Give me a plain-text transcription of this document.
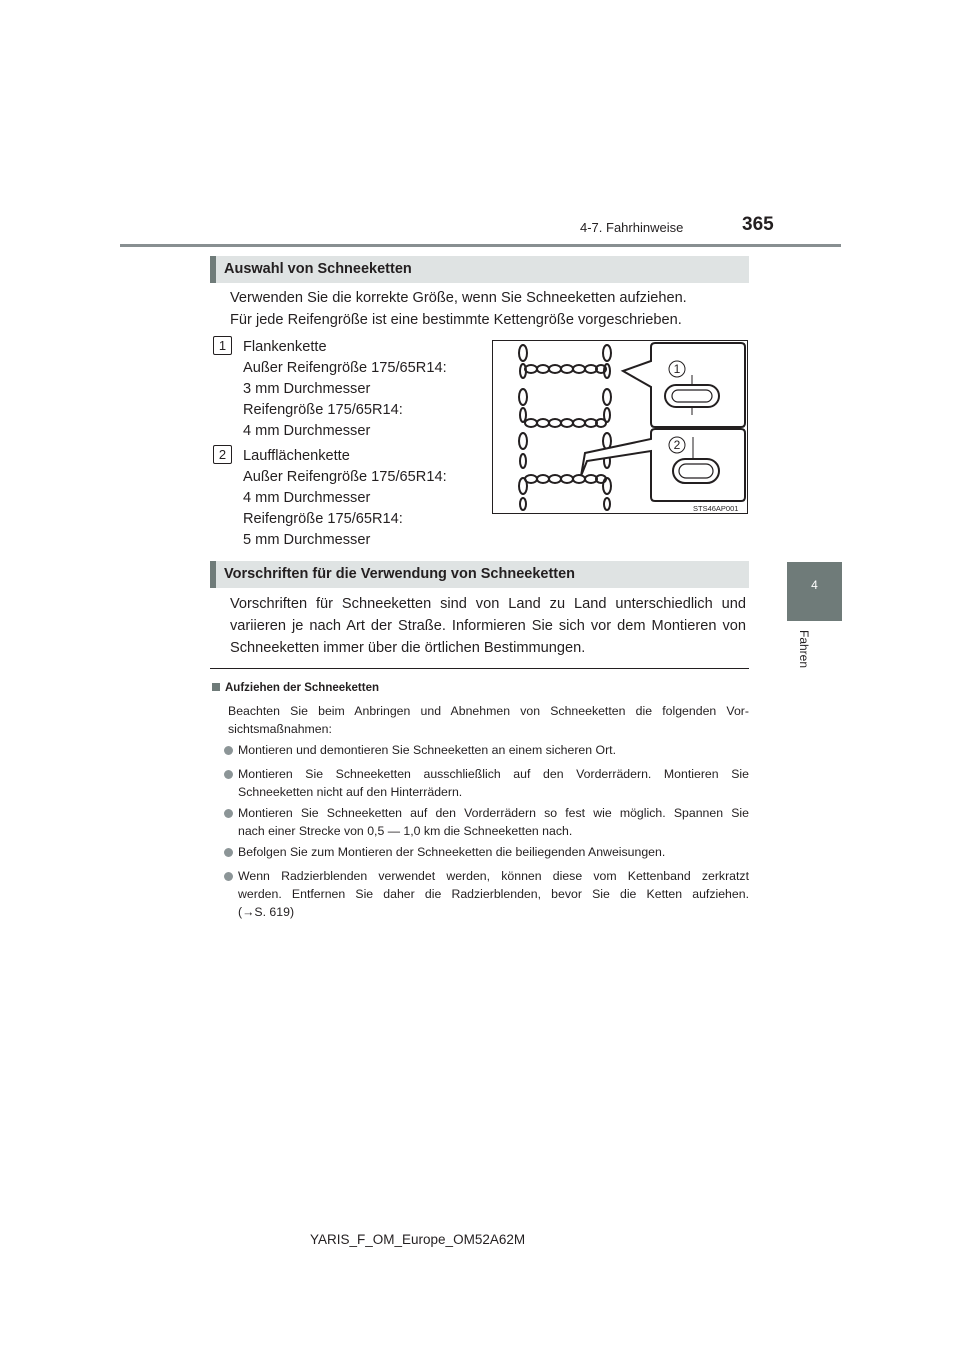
4-7. Fahrhinweise	365
4
Fahren
Auswahl von Schneeketten
Verwenden Sie die korrekte Größe, wenn Sie Schneeketten aufziehen.
Für jede Reifengröße ist eine bestimmte Kettengröße vorgeschrieben.
1	Flankenkette
Außer Reifengröße 175/65R14:
3 mm Durchmesser
Reifengröße 175/65R14:
4 mm Durchmesser
2	Laufflächenkette
Außer Reifengröße 175/65R14:
4 mm Durchmesser
Reifengröße 175/65R14:
5 mm Durchmesser
1
2
STS46AP001
Vorschriften für die Verwendung von Schneeketten
Vorschriften für Schneeketten sind von Land zu Land unterschiedlich und
variieren je nach Art der Straße. Informieren Sie sich vor dem Montieren von
Schneeketten immer über die örtlichen Bestimmungen.
Aufziehen der Schneeketten
Beachten Sie beim Anbringen und Abnehmen von Schneeketten die folgenden Vor-
sichtsmaßnahmen:
Montieren und demontieren Sie Schneeketten an einem sicheren Ort.
Montieren Sie Schneeketten ausschließlich auf den Vorderrädern. Montieren Sie
Schneeketten nicht auf den Hinterrädern.
Montieren Sie Schneeketten auf den Vorderrädern so fest wie möglich. Spannen Sie
nach einer Strecke von 0,5 — 1,0 km die Schneeketten nach.
Befolgen Sie zum Montieren der Schneeketten die beiliegenden Anweisungen.
Wenn Radzierblenden verwendet werden, können diese vom Kettenband zerkratzt
werden. Entfernen Sie daher die Radzierblenden, bevor Sie die Ketten aufziehen.
(→S. 619)
YARIS_F_OM_Europe_OM52A62M
